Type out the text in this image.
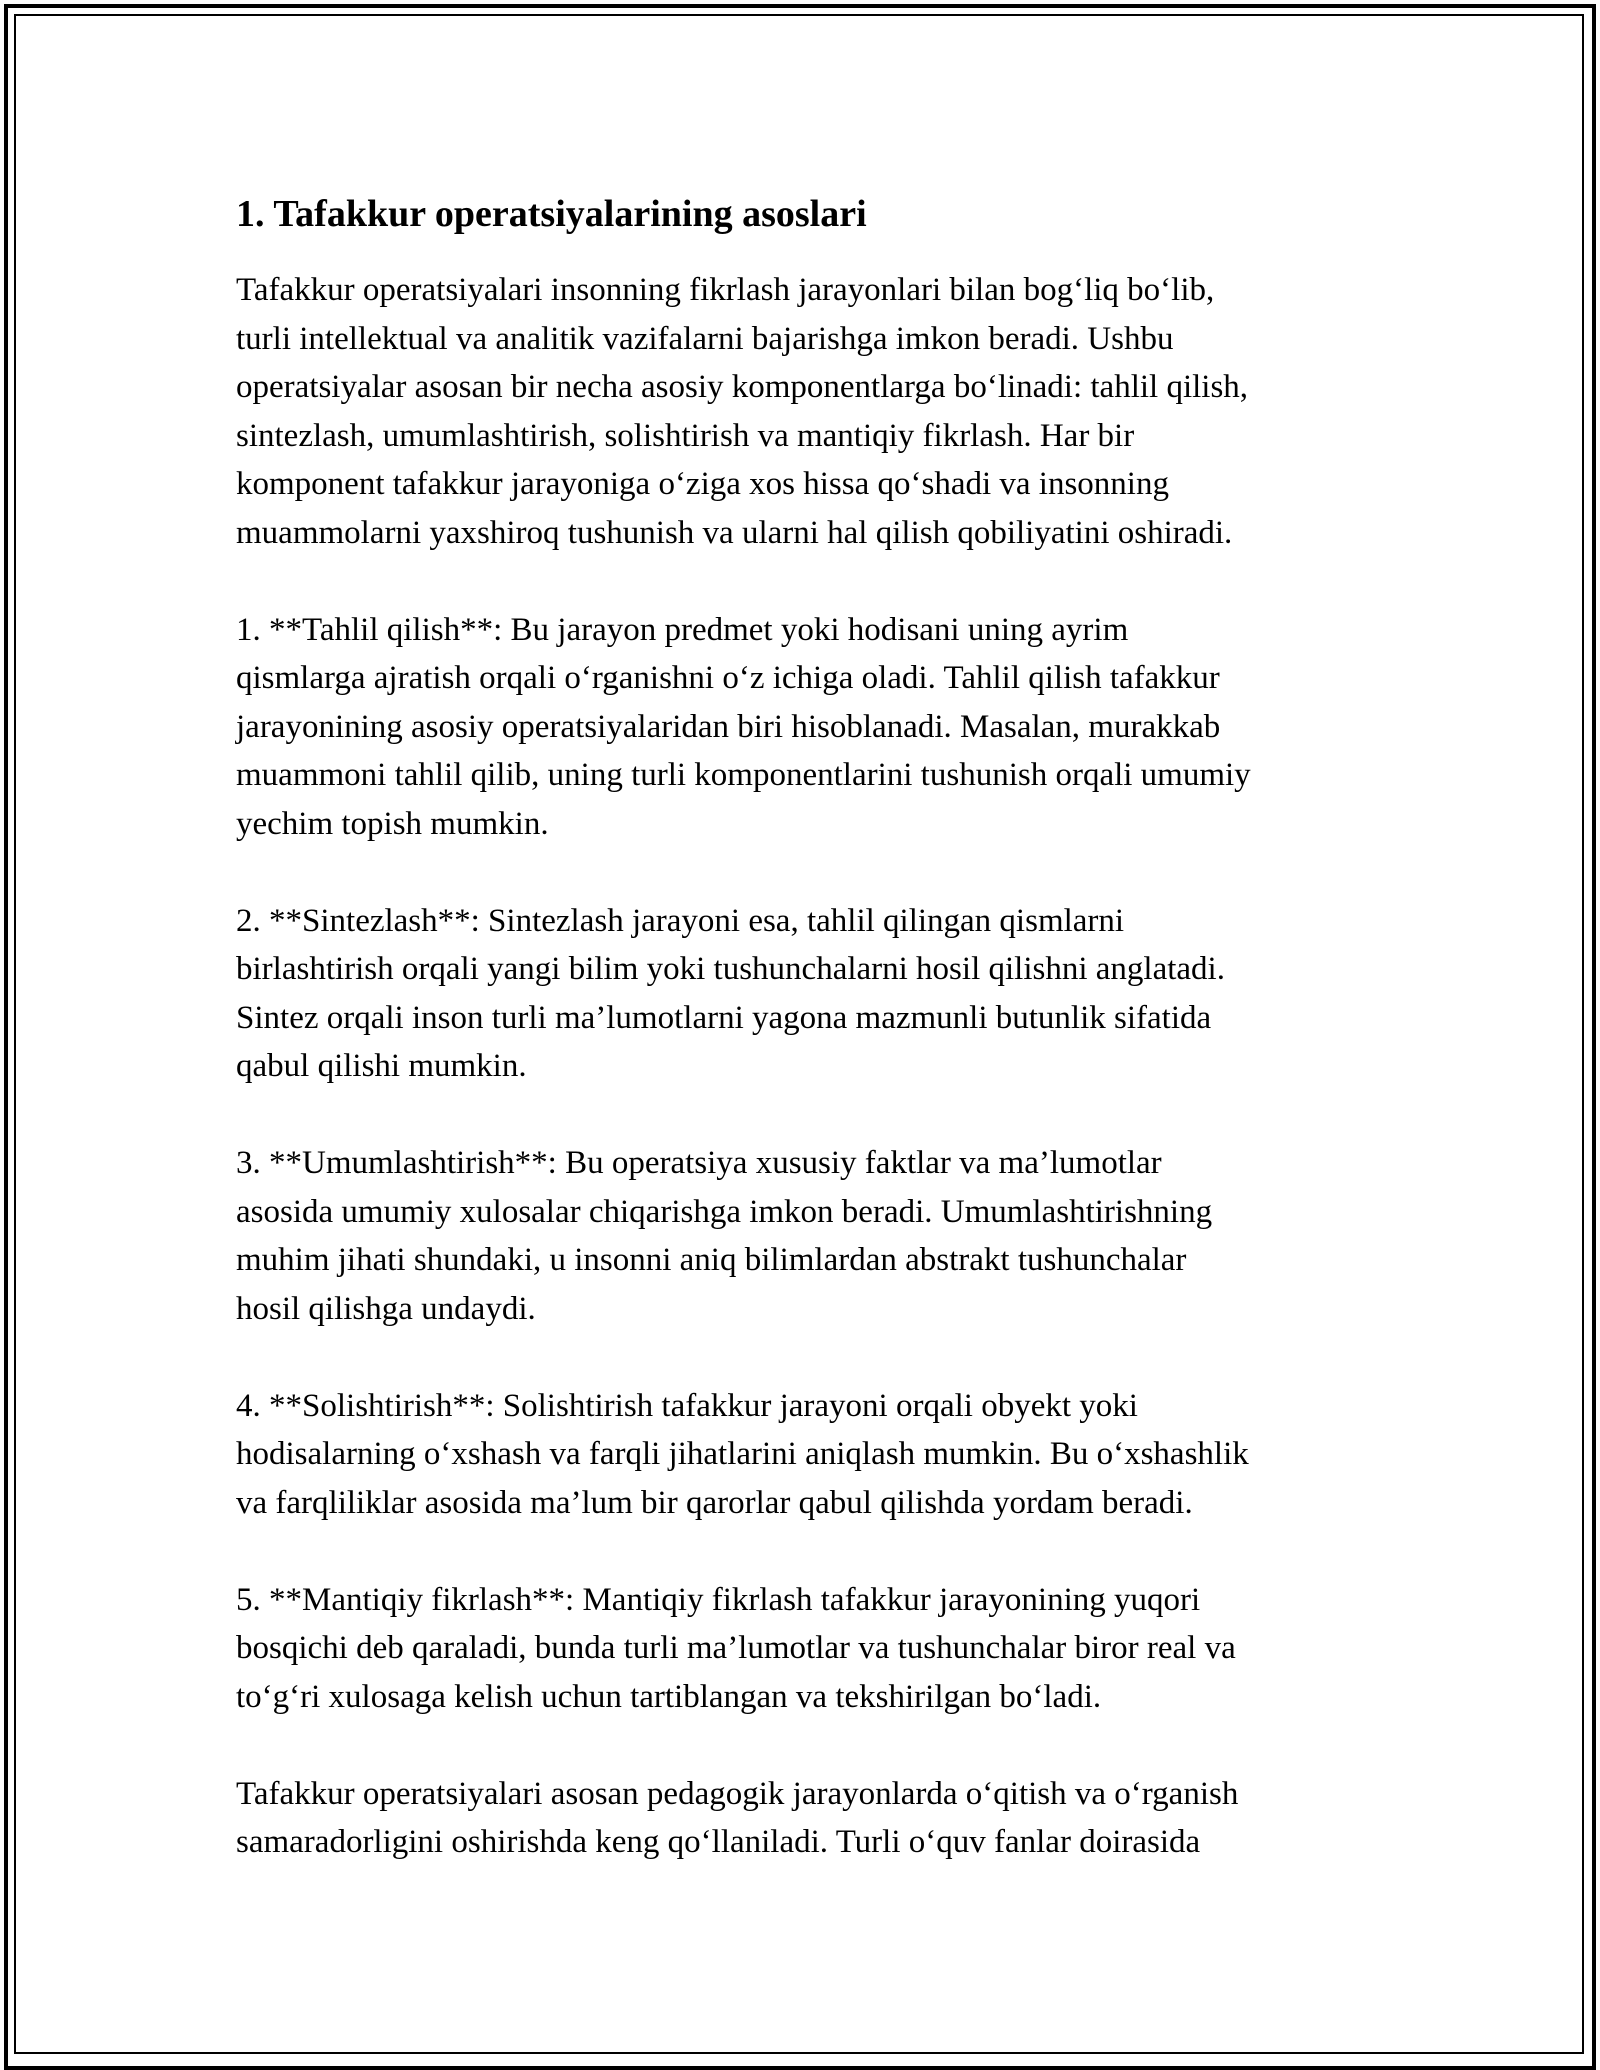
1. Tafakkur operatsiyalarining asoslari

Tafakkur operatsiyalari insonning fikrlash jarayonlari bilan bog‘liq bo‘lib,
turli intellektual va analitik vazifalarni bajarishga imkon beradi. Ushbu
operatsiyalar asosan bir necha asosiy komponentlarga bo‘linadi: tahlil qilish,
sintezlash, umumlashtirish, solishtirish va mantiqiy fikrlash. Har bir
komponent tafakkur jarayoniga o‘ziga xos hissa qo‘shadi va insonning
muammolarni yaxshiroq tushunish va ularni hal qilish qobiliyatini oshiradi.

1. **Tahlil qilish**: Bu jarayon predmet yoki hodisani uning ayrim
qismlarga ajratish orqali o‘rganishni o‘z ichiga oladi. Tahlil qilish tafakkur
jarayonining asosiy operatsiyalaridan biri hisoblanadi. Masalan, murakkab
muammoni tahlil qilib, uning turli komponentlarini tushunish orqali umumiy
yechim topish mumkin.

2. **Sintezlash**: Sintezlash jarayoni esa, tahlil qilingan qismlarni
birlashtirish orqali yangi bilim yoki tushunchalarni hosil qilishni anglatadi.
Sintez orqali inson turli ma’lumotlarni yagona mazmunli butunlik sifatida
qabul qilishi mumkin.

3. **Umumlashtirish**: Bu operatsiya xususiy faktlar va ma’lumotlar
asosida umumiy xulosalar chiqarishga imkon beradi. Umumlashtirishning
muhim jihati shundaki, u insonni aniq bilimlardan abstrakt tushunchalar
hosil qilishga undaydi.

4. **Solishtirish**: Solishtirish tafakkur jarayoni orqali obyekt yoki
hodisalarning o‘xshash va farqli jihatlarini aniqlash mumkin. Bu o‘xshashlik
va farqliliklar asosida ma’lum bir qarorlar qabul qilishda yordam beradi.

5. **Mantiqiy fikrlash**: Mantiqiy fikrlash tafakkur jarayonining yuqori
bosqichi deb qaraladi, bunda turli ma’lumotlar va tushunchalar biror real va
to‘g‘ri xulosaga kelish uchun tartiblangan va tekshirilgan bo‘ladi.

Tafakkur operatsiyalari asosan pedagogik jarayonlarda o‘qitish va o‘rganish
samaradorligini oshirishda keng qo‘llaniladi. Turli o‘quv fanlar doirasida
